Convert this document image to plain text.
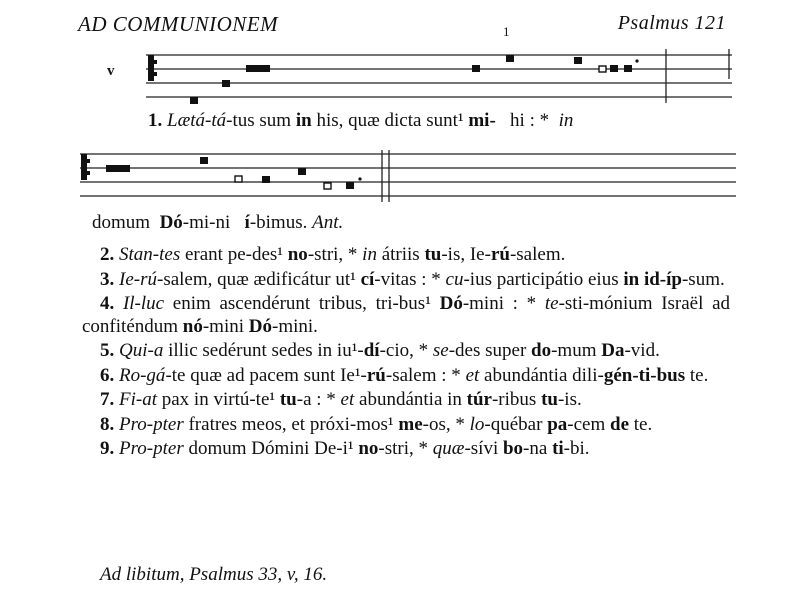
AD COMMUNIONEM	Psalmus 121
1
v
1. Lætá-tá-tus sum in his, quæ dicta sunt¹ mi- hi : * in
domum Dó-mi-ni í-bimus. Ant.

2. Stan-tes erant pe-des¹ no-stri, * in átriis tu-is, Ie-rú-salem.

3. Ie-rú-salem, quæ ædificátur ut¹ cí-vitas : * cu-ius participátio eius in id-íp-sum.

4. Il-luc enim ascendérunt tribus, tri-bus¹ Dó-mini : * te-sti-mónium Israël ad confiténdum nó-mini Dó-mini.

5. Qui-a illic sedérunt sedes in iu¹-dí-cio, * se-des super do-mum Da-vid.

6. Ro-gá-te quæ ad pacem sunt Ie¹-rú-salem : * et abundántia dili-gén-ti-bus te.

7. Fi-at pax in virtú-te¹ tu-a : * et abundántia in túr-ribus tu-is.

8. Pro-pter fratres meos, et próxi-mos¹ me-os, * lo-québar pa-cem de te.

9. Pro-pter domum Dómini De-i¹ no-stri, * quæ-sívi bo-na ti-bi.

Ad libitum, Psalmus 33, v, 16.
